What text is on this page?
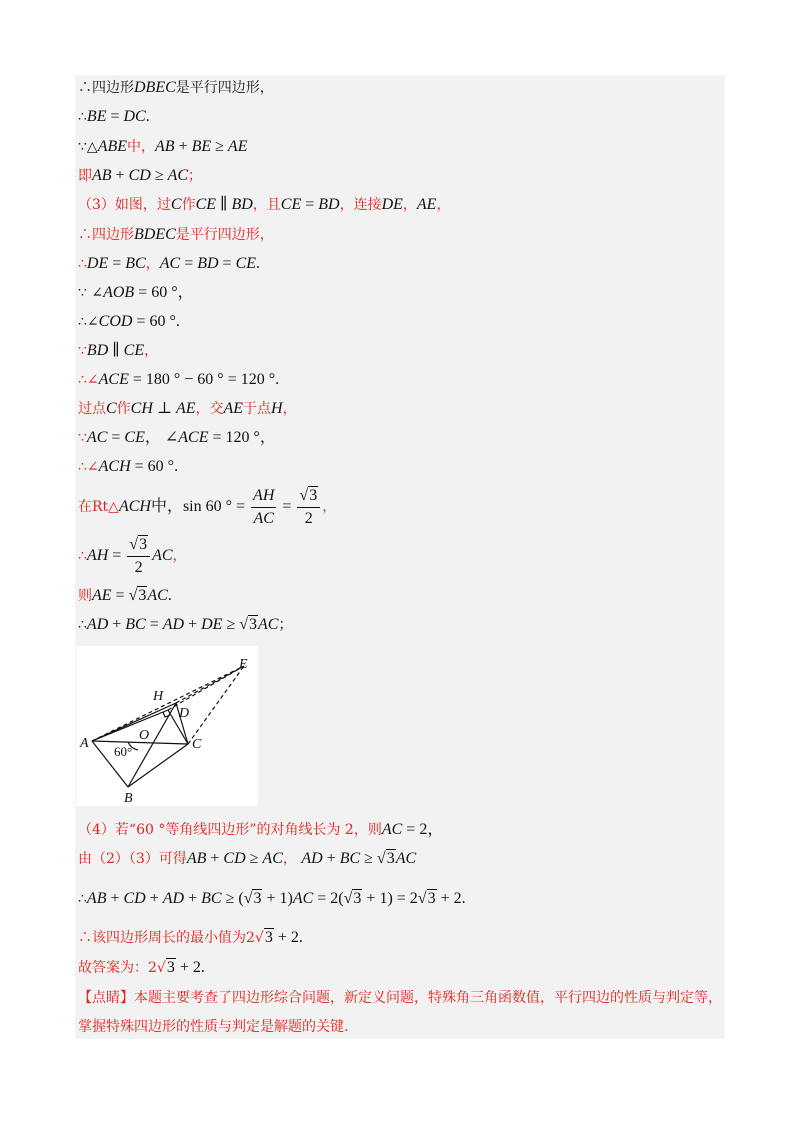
∴四边形DBEC是平行四边形，
∴BE = DC.
∵△ABE中，AB + BE ≥ AE
即AB + CD ≥ AC；
（3）如图，过C作CE ∥ BD，且CE = BD，连接DE，AE，
∴四边形BDEC是平行四边形，
∴DE = BC，AC = BD = CE.
∵ ∠AOB = 60 °，
∴∠COD = 60 °.
∵BD ∥ CE，
∴∠ACE = 180 ° − 60 ° = 120 °.
过点C作CH ⊥ AE，交AE于点H，
∵AC = CE， ∠ACE = 120 °，
∴∠ACH = 60 °.
在Rt△ACH中，sin 60 ° = $\frac{AH}{AC} = \frac{√3}{2}$ ，
∴AH = $\frac{√3}{2}$ AC，
则AE = √3AC.
∴AD + BC = AD + DE ≥ √3AC；
E
H
D
A
O
C
B
60°
（4）若“60 °等角线四边形”的对角线长为 2，则AC = 2，
由（2）（3）可得AB + CD ≥ AC， AD + BC ≥ √3AC
∴AB + CD + AD + BC ≥ (√3 + 1)AC = 2(√3 + 1) = 2√3 + 2.
∴该四边形周长的最小值为2√3 + 2.
故答案为：2√3 + 2.
【点睛】本题主要考查了四边形综合问题，新定义问题，特殊角三角函数值，平行四边的性质与判定等，
掌握特殊四边形的性质与判定是解题的关键.
